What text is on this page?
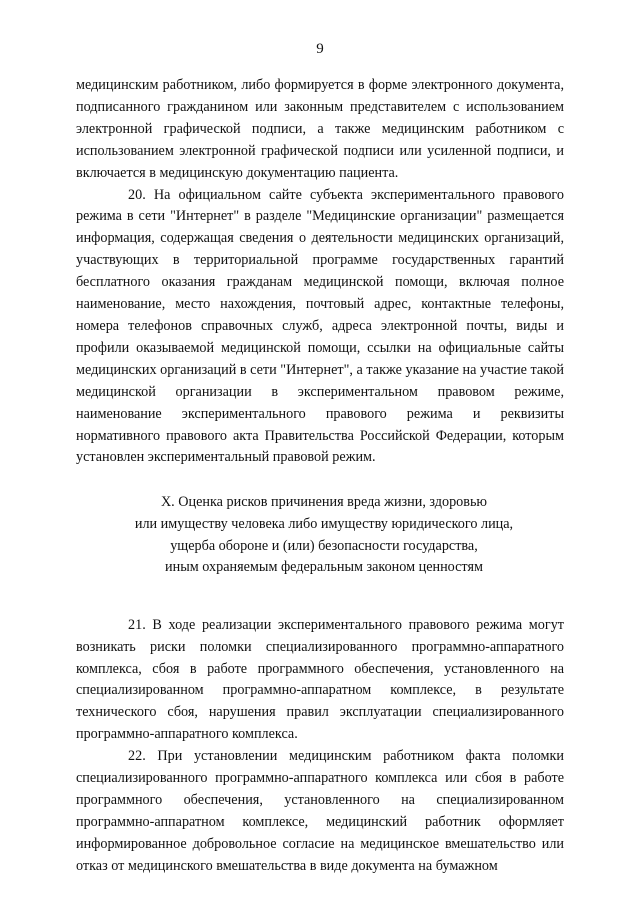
9

медицинским работником, либо формируется в форме электронного документа, подписанного гражданином или законным представителем с использованием электронной графической подписи, а также медицинским работником с использованием электронной графической подписи или усиленной подписи, и включается в медицинскую документацию пациента.

20. На официальном сайте субъекта экспериментального правового режима в сети "Интернет" в разделе "Медицинские организации" размещается информация, содержащая сведения о деятельности медицинских организаций, участвующих в территориальной программе государственных гарантий бесплатного оказания гражданам медицинской помощи, включая полное наименование, место нахождения, почтовый адрес, контактные телефоны, номера телефонов справочных служб, адреса электронной почты, виды и профили оказываемой медицинской помощи, ссылки на официальные сайты медицинских организаций в сети "Интернет", а также указание на участие такой медицинской организации в экспериментальном правовом режиме, наименование экспериментального правового режима и реквизиты нормативного правового акта Правительства Российской Федерации, которым установлен экспериментальный правовой режим.

X. Оценка рисков причинения вреда жизни, здоровью
или имуществу человека либо имуществу юридического лица,
ущерба обороне и (или) безопасности государства,
иным охраняемым федеральным законом ценностям

21. В ходе реализации экспериментального правового режима могут возникать риски поломки специализированного программно-аппаратного комплекса, сбоя в работе программного обеспечения, установленного на специализированном программно-аппаратном комплексе, в результате технического сбоя, нарушения правил эксплуатации специализированного программно-аппаратного комплекса.

22. При установлении медицинским работником факта поломки специализированного программно-аппаратного комплекса или сбоя в работе программного обеспечения, установленного на специализированном программно-аппаратном комплексе, медицинский работник оформляет информированное добровольное согласие на медицинское вмешательство или отказ от медицинского вмешательства в виде документа на бумажном
